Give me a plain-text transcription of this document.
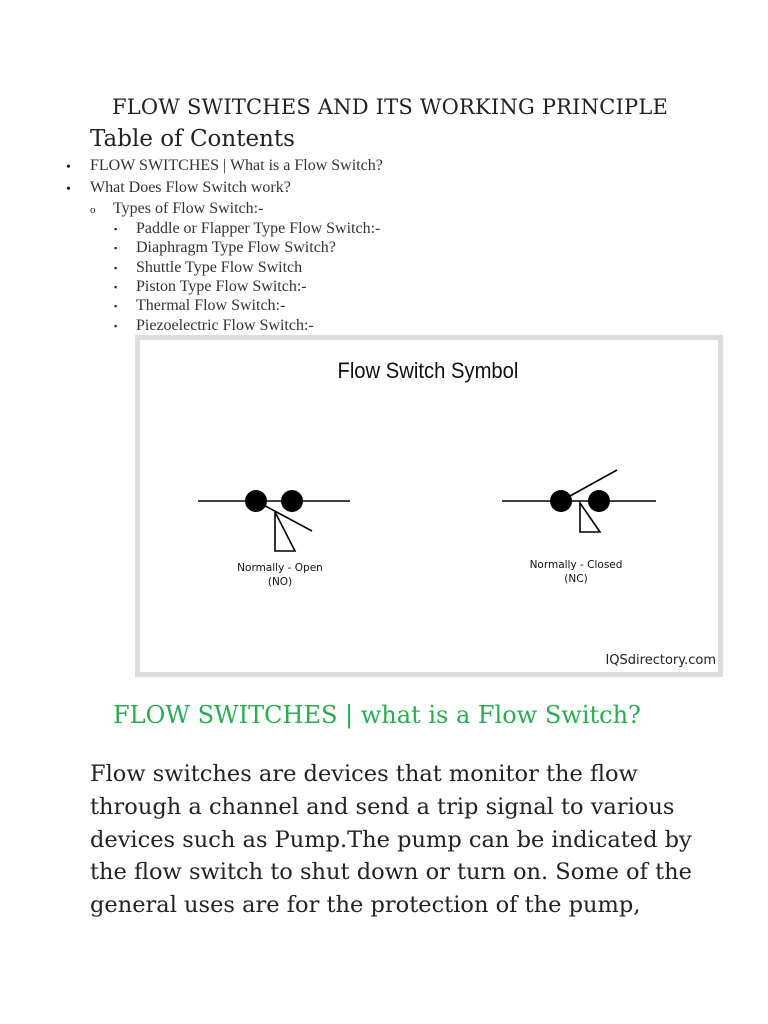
FLOW SWITCHES AND ITS WORKING PRINCIPLE
Table of Contents
• FLOW SWITCHES | What is a Flow Switch?
• What Does Flow Switch work?
o Types of Flow Switch:-
▪ Paddle or Flapper Type Flow Switch:-
▪ Diaphragm Type Flow Switch?
▪ Shuttle Type Flow Switch
▪ Piston Type Flow Switch:-
▪ Thermal Flow Switch:-
▪ Piezoelectric Flow Switch:-
Flow Switch Symbol
Normally - Open
(NO)
Normally - Closed
(NC)
IQSdirectory.com
FLOW SWITCHES | what is a Flow Switch?
Flow switches are devices that monitor the flow through a channel and send a trip signal to various devices such as Pump.The pump can be indicated by the flow switch to shut down or turn on. Some of the general uses are for the protection of the pump,
